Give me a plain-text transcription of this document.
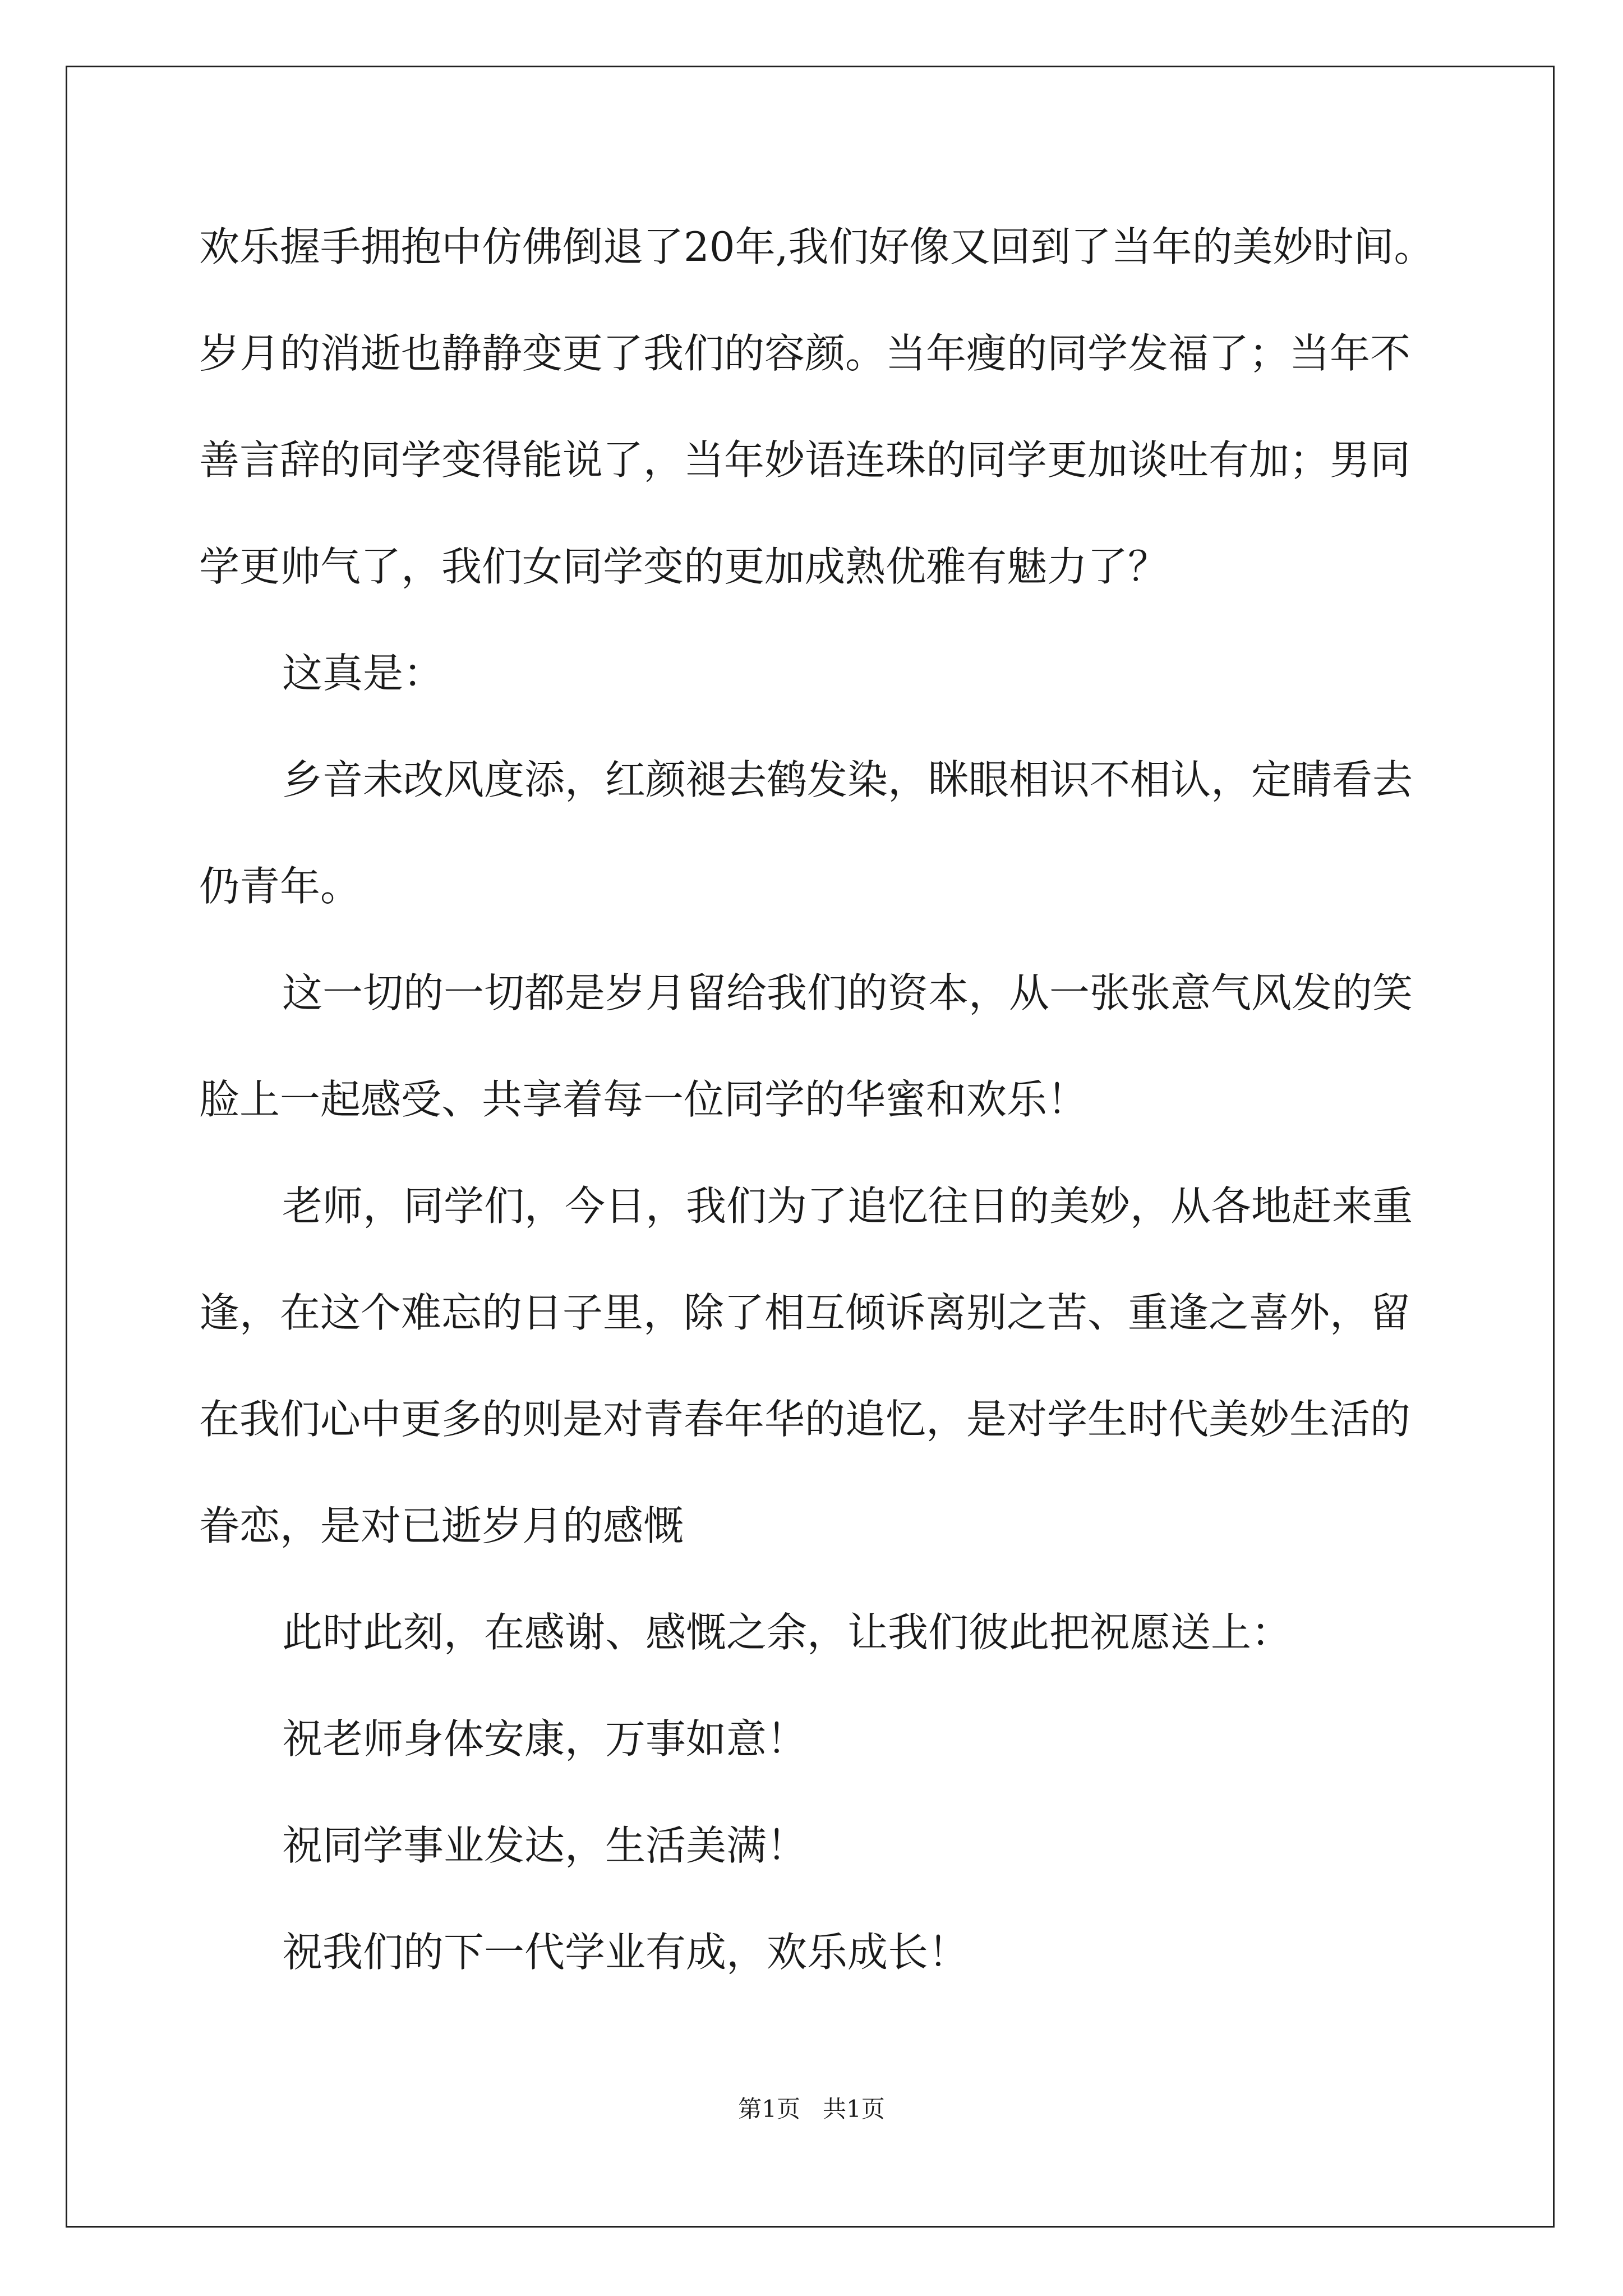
欢乐握手拥抱中仿佛倒退了20年,我们好像又回到了当年的美妙时间。
岁月的消逝也静静变更了我们的容颜。当年瘦的同学发福了；当年不
善言辞的同学变得能说了，当年妙语连珠的同学更加谈吐有加；男同
学更帅气了，我们女同学变的更加成熟优雅有魅力了？
这真是：
乡音未改风度添，红颜褪去鹤发染，眯眼相识不相认，定睛看去
仍青年。
这一切的一切都是岁月留给我们的资本，从一张张意气风发的笑
脸上一起感受、共享着每一位同学的华蜜和欢乐！
老师，同学们，今日，我们为了追忆往日的美妙，从各地赶来重
逢，在这个难忘的日子里，除了相互倾诉离别之苦、重逢之喜外，留
在我们心中更多的则是对青春年华的追忆，是对学生时代美妙生活的
眷恋，是对已逝岁月的感慨
此时此刻，在感谢、感慨之余，让我们彼此把祝愿送上：
祝老师身体安康，万事如意！
祝同学事业发达，生活美满！
祝我们的下一代学业有成，欢乐成长！
第1页   共1页
